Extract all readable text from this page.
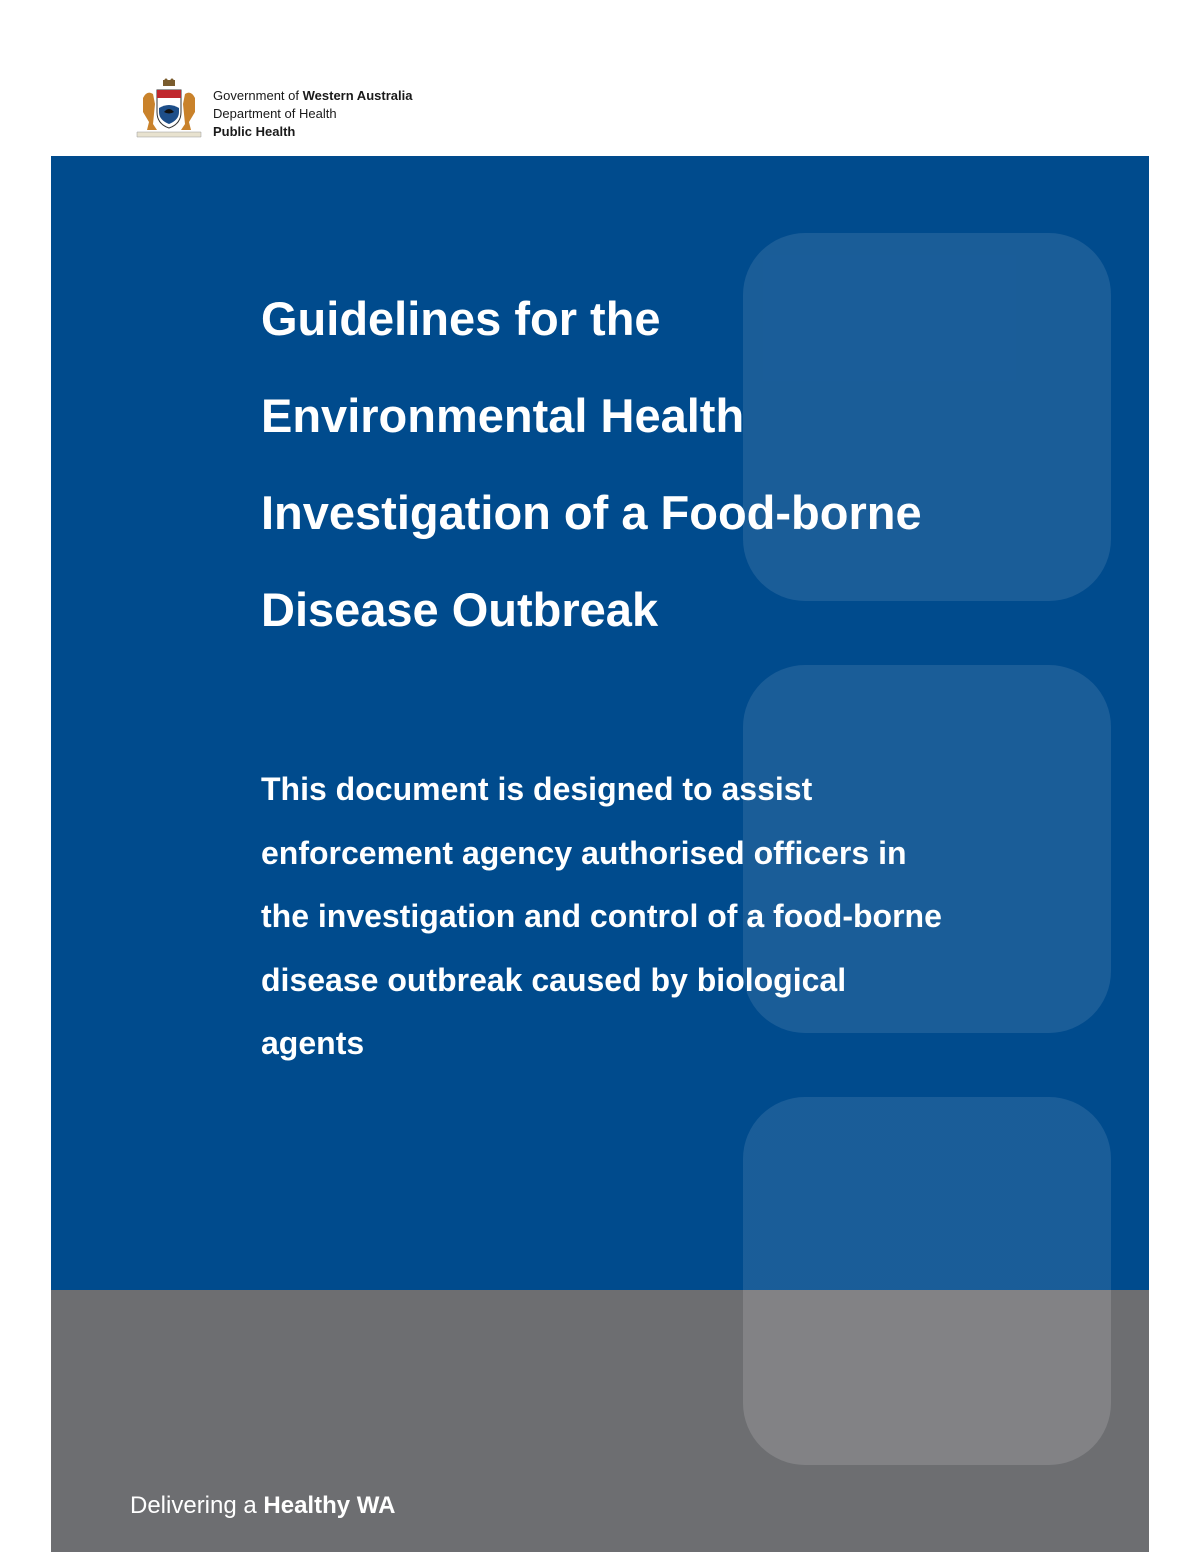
Government of Western Australia
Department of Health
Public Health
Guidelines for the
Environmental Health
Investigation of a Food-borne
Disease Outbreak

This document is designed to assist
enforcement agency authorised officers in
the investigation and control of a food-borne
disease outbreak caused by biological
agents

Delivering a Healthy WA
